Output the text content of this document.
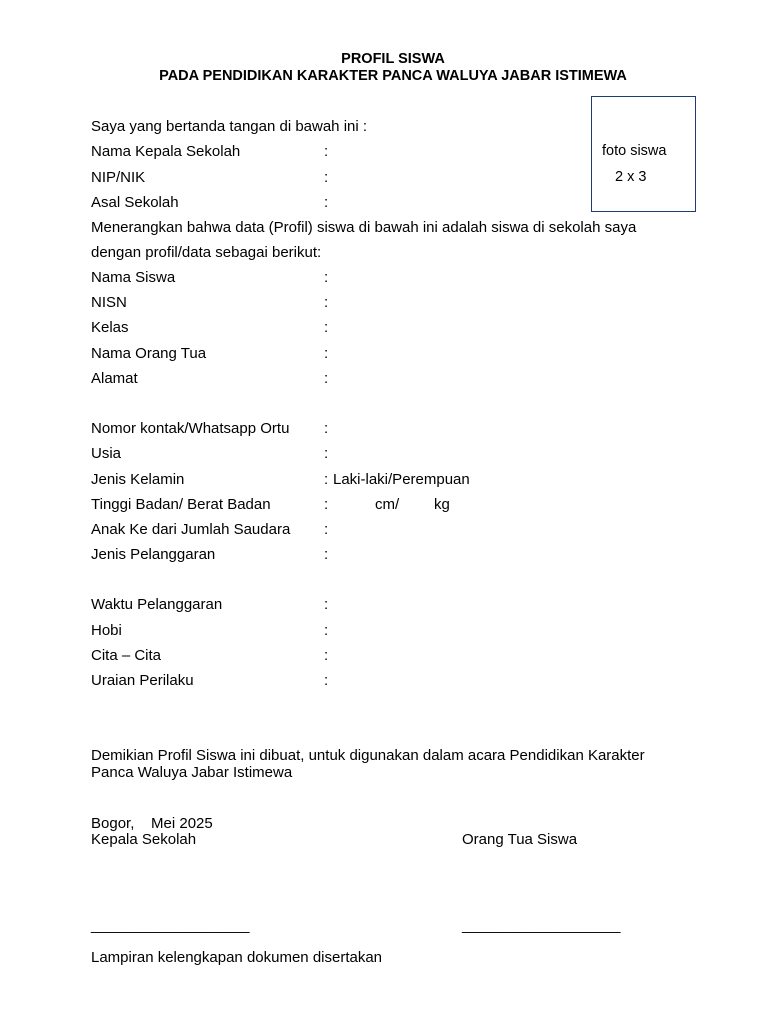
PROFIL SISWA
PADA PENDIDIKAN KARAKTER PANCA WALUYA JABAR ISTIMEWA
foto siswa
2 x 3
Saya yang bertanda tangan di bawah ini :
Nama Kepala Sekolah	:
NIP/NIK	:
Asal Sekolah	:
Menerangkan bahwa data (Profil) siswa di bawah ini adalah siswa di sekolah saya
dengan profil/data sebagai berikut:
Nama Siswa	:
NISN	:
Kelas	:
Nama Orang Tua	:
Alamat	:
Nomor kontak/Whatsapp Ortu :
Usia	:
Jenis Kelamin	: Laki-laki/Perempuan
Tinggi Badan/ Berat Badan	:	cm/ kg
Anak Ke dari Jumlah Saudara :
Jenis Pelanggaran	:
Waktu Pelanggaran	:
Hobi	:
Cita – Cita	:
Uraian Perilaku	:
Demikian Profil Siswa ini dibuat, untuk digunakan dalam acara Pendidikan Karakter Panca Waluya Jabar Istimewa
Bogor,    Mei 2025
Kepala Sekolah	Orang Tua Siswa
___________________	___________________
Lampiran kelengkapan dokumen disertakan
